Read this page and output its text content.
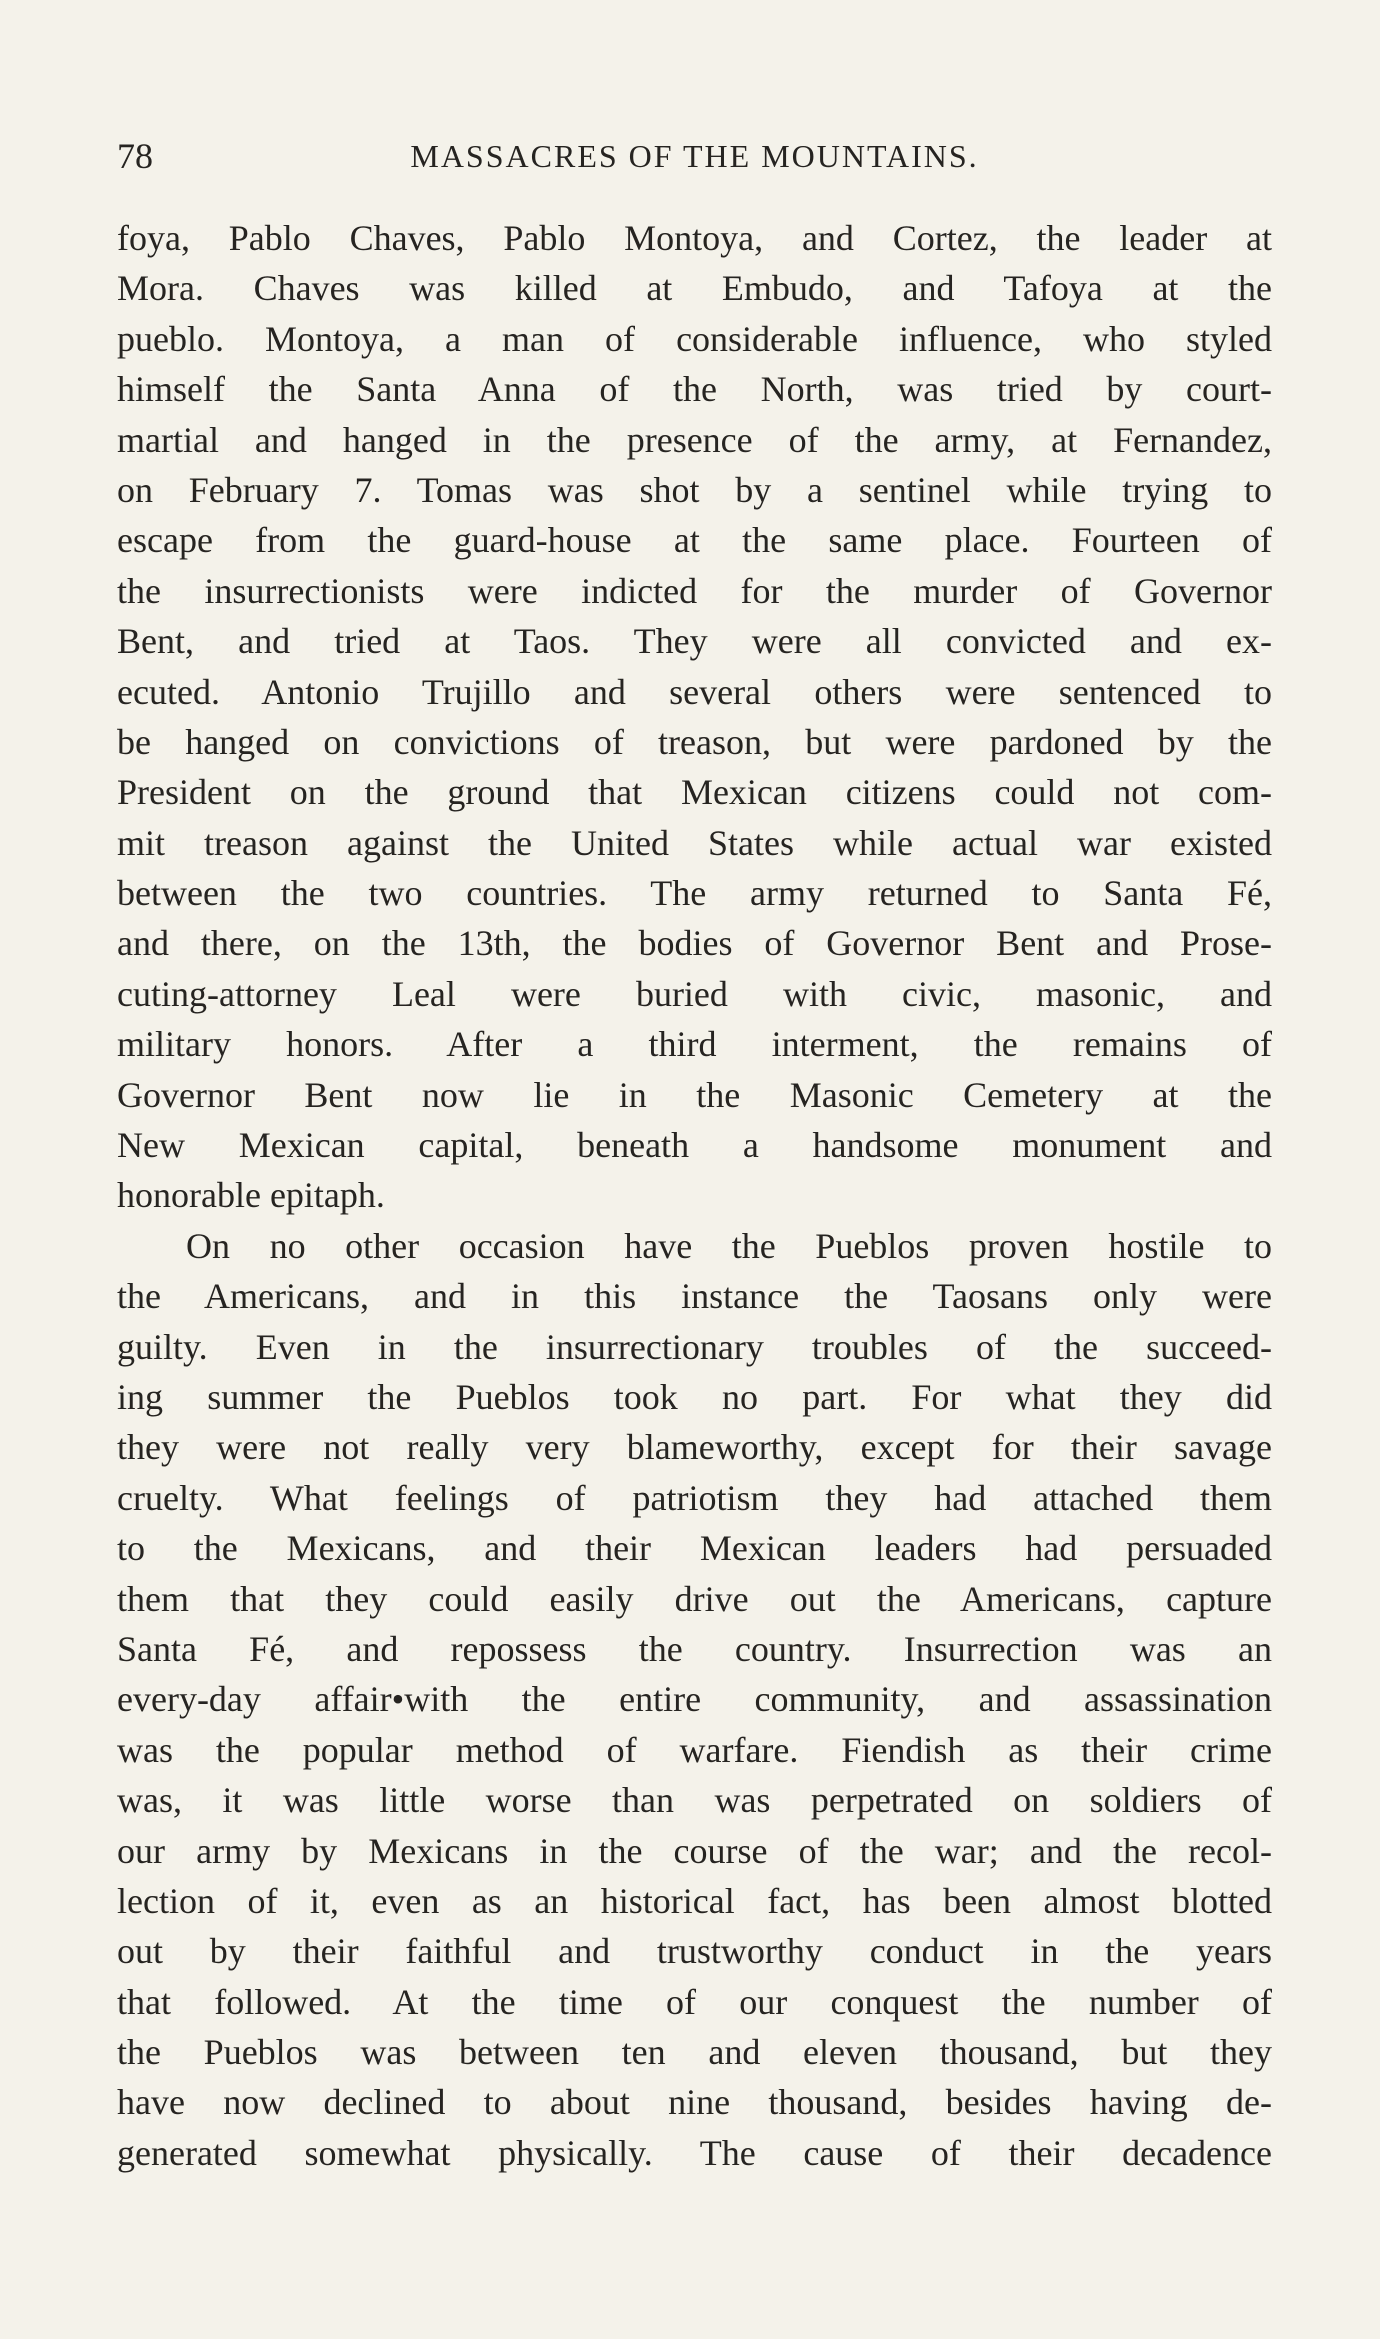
78	MASSACRES OF THE MOUNTAINS.
foya, Pablo Chaves, Pablo Montoya, and Cortez, the leader at
Mora. Chaves was killed at Embudo, and Tafoya at the
pueblo. Montoya, a man of considerable influence, who styled
himself the Santa Anna of the North, was tried by court-
martial and hanged in the presence of the army, at Fernandez,
on February 7. Tomas was shot by a sentinel while trying to
escape from the guard-house at the same place. Fourteen of
the insurrectionists were indicted for the murder of Governor
Bent, and tried at Taos. They were all convicted and ex-
ecuted. Antonio Trujillo and several others were sentenced to
be hanged on convictions of treason, but were pardoned by the
President on the ground that Mexican citizens could not com-
mit treason against the United States while actual war existed
between the two countries. The army returned to Santa Fé,
and there, on the 13th, the bodies of Governor Bent and Prose-
cuting-attorney Leal were buried with civic, masonic, and
military honors. After a third interment, the remains of
Governor Bent now lie in the Masonic Cemetery at the
New Mexican capital, beneath a handsome monument and
honorable epitaph.
On no other occasion have the Pueblos proven hostile to
the Americans, and in this instance the Taosans only were
guilty. Even in the insurrectionary troubles of the succeed-
ing summer the Pueblos took no part. For what they did
they were not really very blameworthy, except for their savage
cruelty. What feelings of patriotism they had attached them
to the Mexicans, and their Mexican leaders had persuaded
them that they could easily drive out the Americans, capture
Santa Fé, and repossess the country. Insurrection was an
every-day affair•with the entire community, and assassination
was the popular method of warfare. Fiendish as their crime
was, it was little worse than was perpetrated on soldiers of
our army by Mexicans in the course of the war; and the recol-
lection of it, even as an historical fact, has been almost blotted
out by their faithful and trustworthy conduct in the years
that followed. At the time of our conquest the number of
the Pueblos was between ten and eleven thousand, but they
have now declined to about nine thousand, besides having de-
generated somewhat physically. The cause of their decadence
